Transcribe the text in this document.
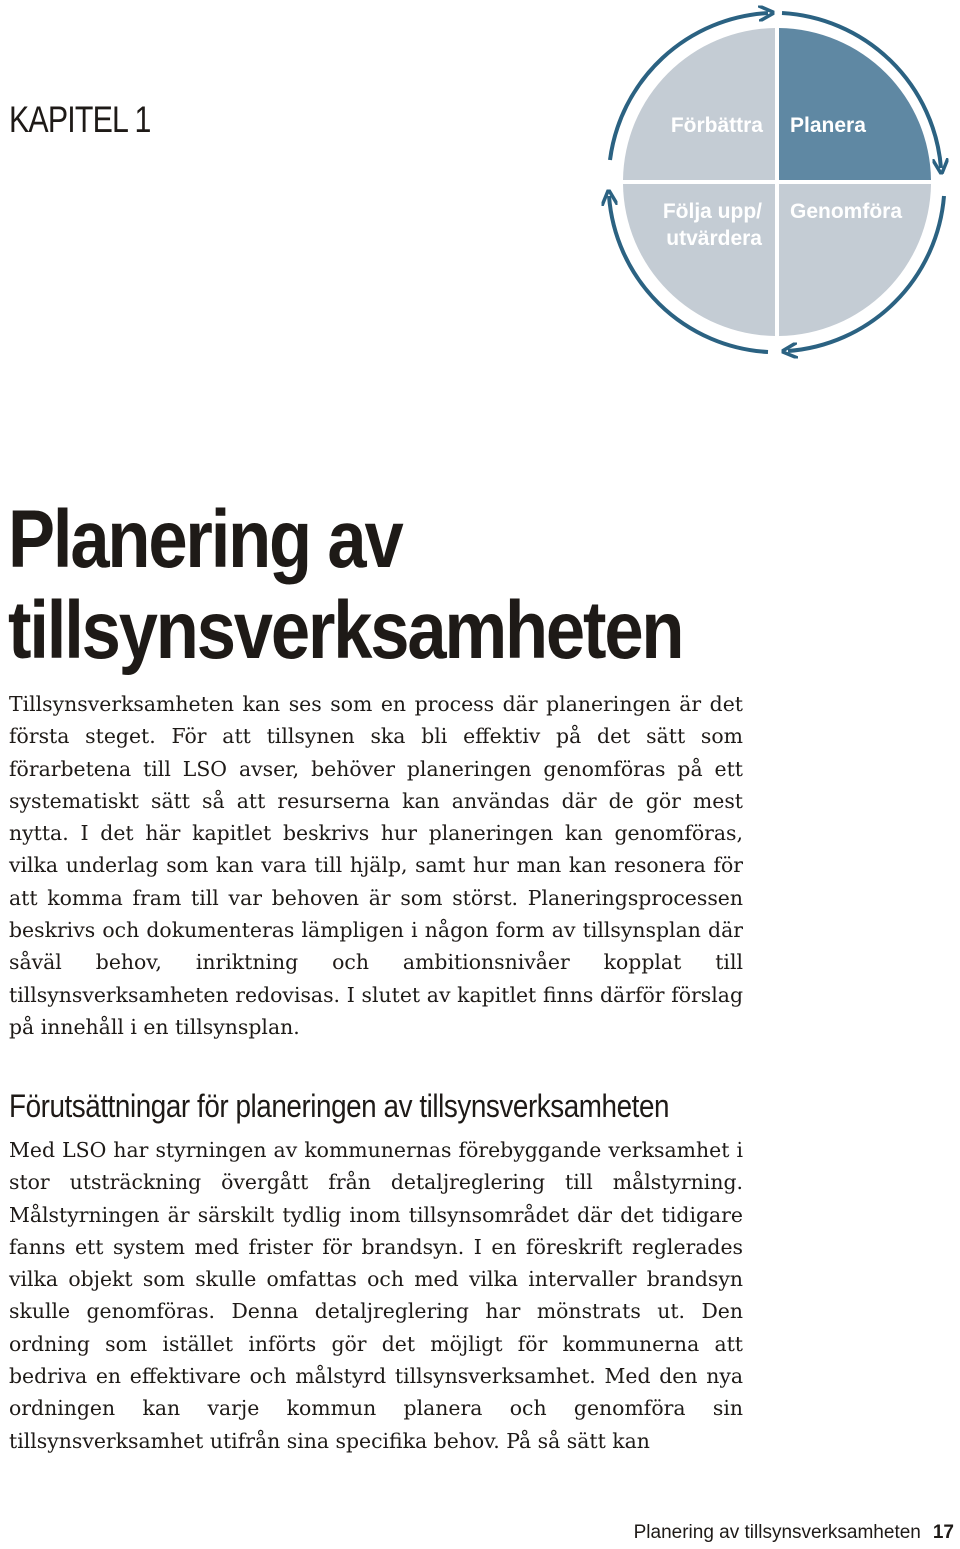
KAPITEL 1	Förbättra Planera
Genomföra
Följa upp/
utvärdera
Planering av
tillsynsverksamheten

Tillsynsverksamheten kan ses som en process där planeringen är det första steget. För att tillsynen ska bli effektiv på det sätt som förarbetena till LSO avser, behöver planeringen genomföras på ett systematiskt sätt så att resurserna kan användas där de gör mest nytta. I det här kapitlet beskrivs hur planeringen kan genomföras, vilka underlag som kan vara till hjälp, samt hur man kan resonera för att komma fram till var behoven är som störst. Planeringsprocessen beskrivs och dokumenteras lämpligen i någon form av tillsynsplan där såväl behov, inriktning och ambitionsnivåer kopplat till tillsynsverksamheten redovisas. I slutet av kapitlet finns därför förslag på innehåll i en tillsynsplan.

Förutsättningar för planeringen av tillsynsverksamheten

Med LSO har styrningen av kommunernas förebyggande verksamhet i stor utsträckning övergått från detaljreglering till målstyrning. Målstyrningen är särskilt tydlig inom tillsynsområdet där det tidigare fanns ett system med frister för brandsyn. I en föreskrift reglerades vilka objekt som skulle omfattas och med vilka intervaller brandsyn skulle genomföras. Denna detaljreglering har mönstrats ut. Den ordning som istället införts gör det möjligt för kommunerna att bedriva en effektivare och målstyrd tillsynsverksamhet. Med den nya ordningen kan varje kommun planera och genomföra sin tillsynsverksamhet utifrån sina specifika behov. På så sätt kan

Planering av tillsynsverksamheten 17
